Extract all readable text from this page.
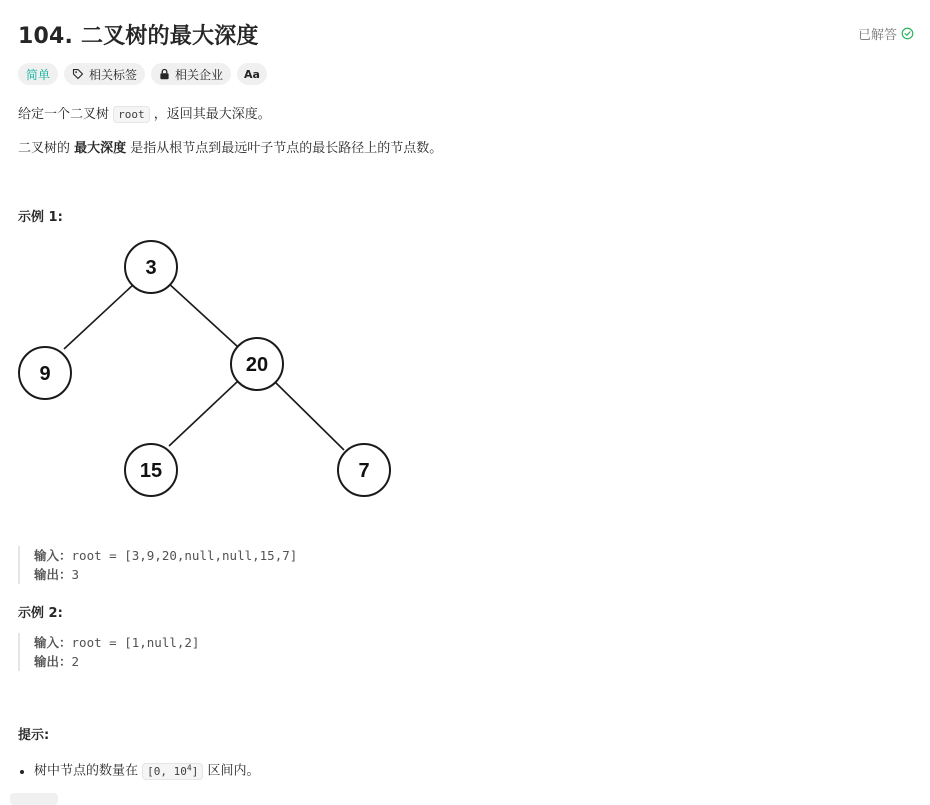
104. 二叉树的最大深度	已解答
简单	相关标签	相关企业 Aa
给定一个二叉树 root ，返回其最大深度。
二叉树的 最大深度 是指从根节点到最远叶子节点的最长路径上的节点数。
示例 1:
3
9	20
15	7
输入：root = [3,9,20,null,null,15,7]
输出：3
示例 2:
输入：root = [1,null,2]
输出：2
提示:
• 树中节点的数量在 [0, $10^4$] 区间内。
